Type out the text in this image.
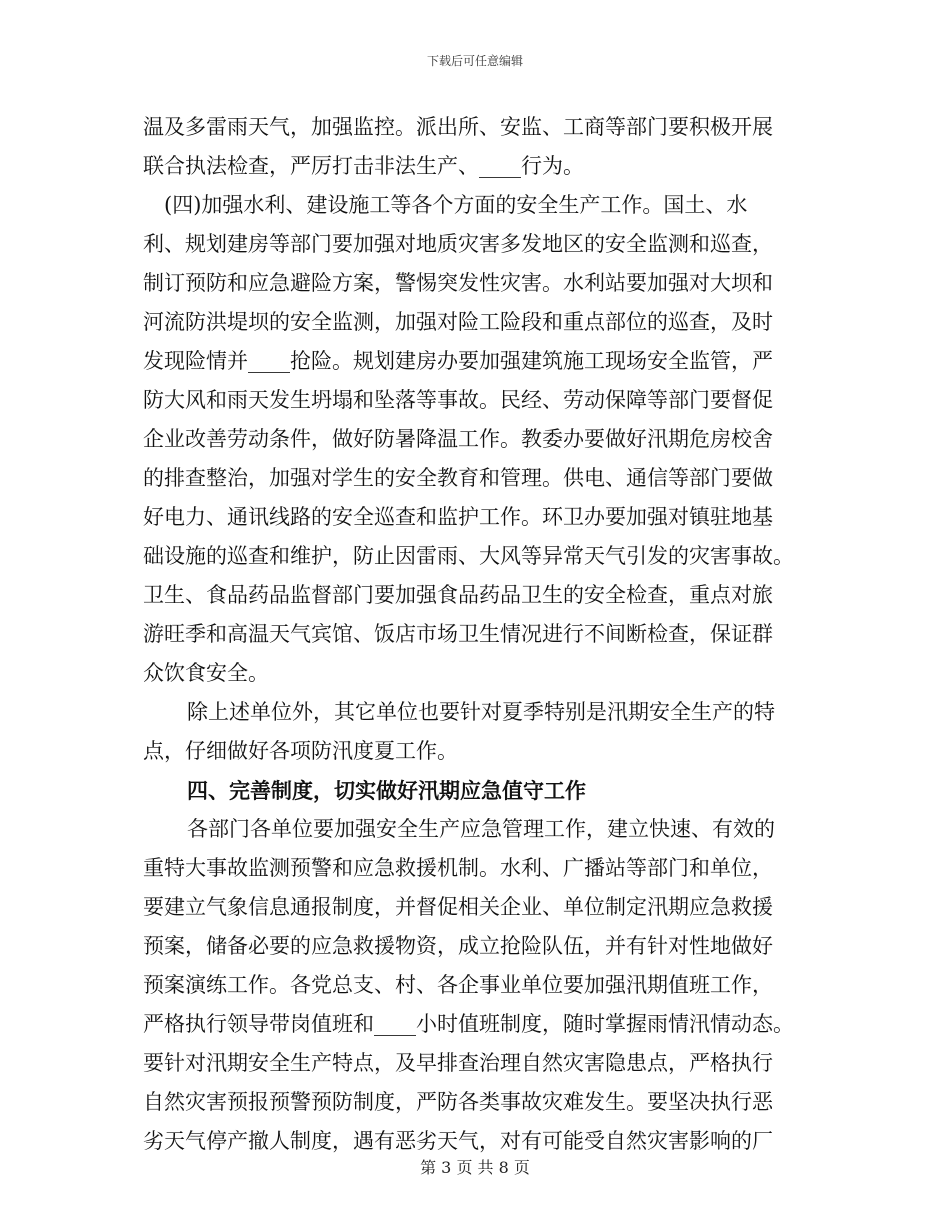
下载后可任意编辑
温及多雷雨天气，加强监控。派出所、安监、工商等部门要积极开展
联合执法检查，严厉打击非法生产、____行为。
(四)加强水利、建设施工等各个方面的安全生产工作。国土、水
利、规划建房等部门要加强对地质灾害多发地区的安全监测和巡查，
制订预防和应急避险方案，警惕突发性灾害。水利站要加强对大坝和
河流防洪堤坝的安全监测，加强对险工险段和重点部位的巡查，及时
发现险情并____抢险。规划建房办要加强建筑施工现场安全监管，严
防大风和雨天发生坍塌和坠落等事故。民经、劳动保障等部门要督促
企业改善劳动条件，做好防暑降温工作。教委办要做好汛期危房校舍
的排查整治，加强对学生的安全教育和管理。供电、通信等部门要做
好电力、通讯线路的安全巡查和监护工作。环卫办要加强对镇驻地基
础设施的巡查和维护，防止因雷雨、大风等异常天气引发的灾害事故。
卫生、食品药品监督部门要加强食品药品卫生的安全检查，重点对旅
游旺季和高温天气宾馆、饭店市场卫生情况进行不间断检查，保证群
众饮食安全。
除上述单位外，其它单位也要针对夏季特别是汛期安全生产的特
点，仔细做好各项防汛度夏工作。
四、完善制度，切实做好汛期应急值守工作
各部门各单位要加强安全生产应急管理工作，建立快速、有效的
重特大事故监测预警和应急救援机制。水利、广播站等部门和单位，
要建立气象信息通报制度，并督促相关企业、单位制定汛期应急救援
预案，储备必要的应急救援物资，成立抢险队伍，并有针对性地做好
预案演练工作。各党总支、村、各企事业单位要加强汛期值班工作，
严格执行领导带岗值班和____小时值班制度，随时掌握雨情汛情动态。
要针对汛期安全生产特点，及早排查治理自然灾害隐患点，严格执行
自然灾害预报预警预防制度，严防各类事故灾难发生。要坚决执行恶
劣天气停产撤人制度，遇有恶劣天气，对有可能受自然灾害影响的厂
第 3 页 共 8 页
